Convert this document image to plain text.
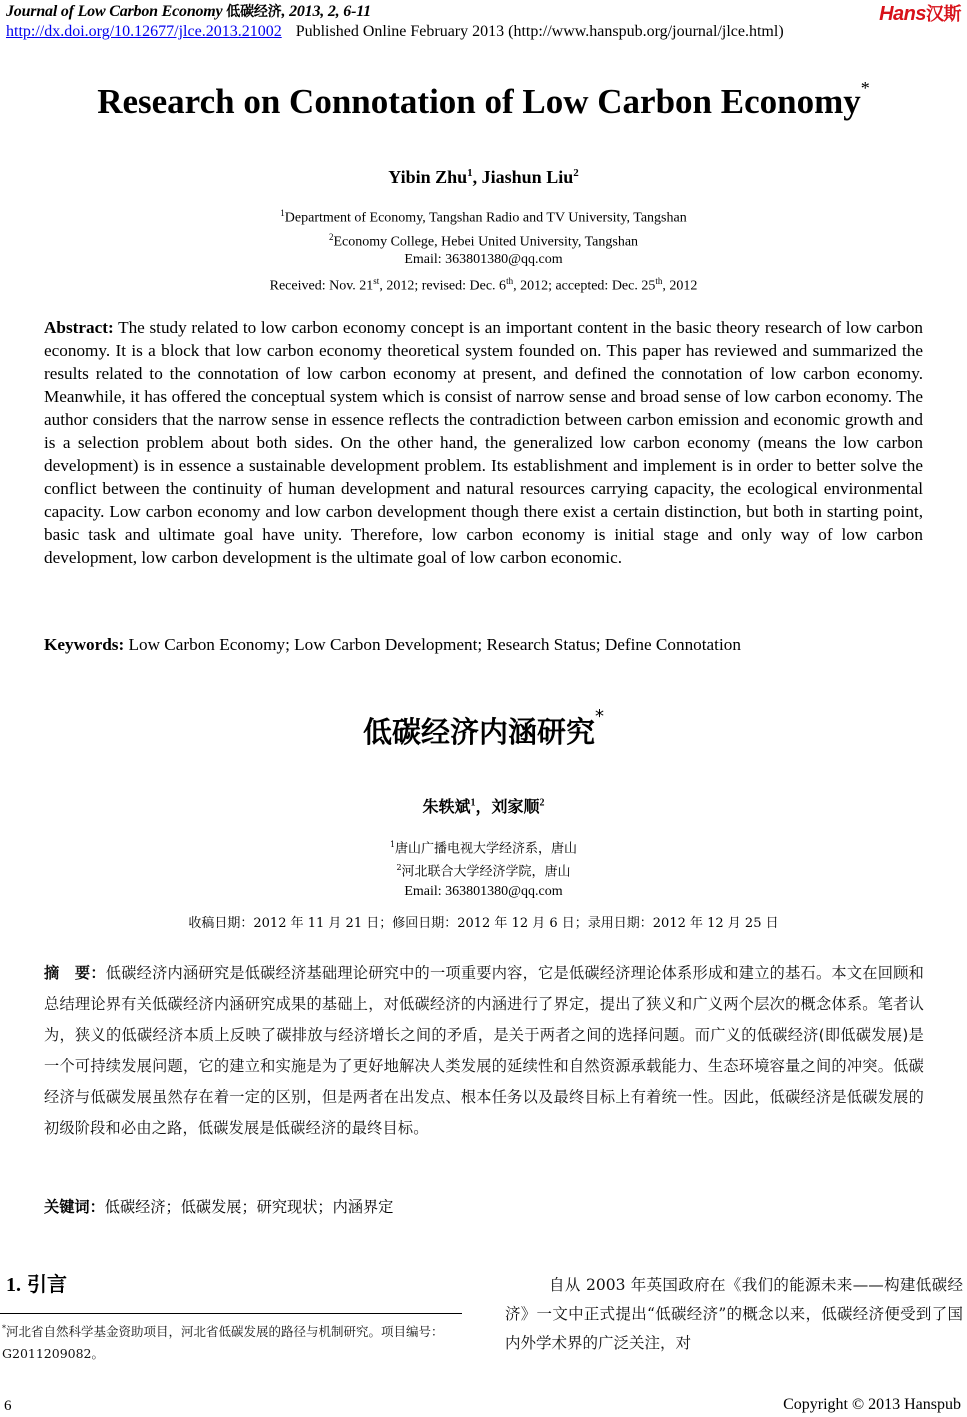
Journal of Low Carbon Economy 低碳经济, 2013, 2, 6-11	Hans汉斯
http://dx.doi.org/10.12677/jlce.2013.21002 Published Online February 2013 (http://www.hanspub.org/journal/jlce.html)
Research on Connotation of Low Carbon Economy*
Yibin Zhu$^1$, Jiashun Liu$^2$
$^1$Department of Economy, Tangshan Radio and TV University, Tangshan
$^2$Economy College, Hebei United University, Tangshan
Email: 363801380@qq.com
Received: Nov. 21st, 2012; revised: Dec. 6th, 2012; accepted: Dec. 25th, 2012
Abstract: The study related to low carbon economy concept is an important content in the basic theory research of low carbon economy. It is a block that low carbon economy theoretical system founded on. This paper has reviewed and summarized the results related to the connotation of low carbon economy at present, and defined the connotation of low carbon economy. Meanwhile, it has offered the conceptual system which is consist of narrow sense and broad sense of low carbon economy. The author considers that the narrow sense in essence reflects the contradiction between carbon emission and economic growth and is a selection problem about both sides. On the other hand, the generalized low carbon economy (means the low carbon development) is in essence a sustainable development problem. Its establishment and implement is in order to better solve the conflict between the continuity of human development and natural resources carrying capacity, the ecological environmental capacity. Low carbon economy and low carbon development though there exist a certain distinction, but both in starting point, basic task and ultimate goal have unity. Therefore, low carbon economy is initial stage and only way of low carbon development, low carbon development is the ultimate goal of low carbon economic.
Keywords: Low Carbon Economy; Low Carbon Development; Research Status; Define Connotation
低碳经济内涵研究*
朱轶斌$^1$，刘家顺$^2$
$^1$唐山广播电视大学经济系，唐山
$^2$河北联合大学经济学院，唐山
Email: 363801380@qq.com
收稿日期：2012 年 11 月 21 日；修回日期：2012 年 12 月 6 日；录用日期：2012 年 12 月 25 日
摘　要：低碳经济内涵研究是低碳经济基础理论研究中的一项重要内容，它是低碳经济理论体系形成和建立的基石。本文在回顾和总结理论界有关低碳经济内涵研究成果的基础上，对低碳经济的内涵进行了界定，提出了狭义和广义两个层次的概念体系。笔者认为，狭义的低碳经济本质上反映了碳排放与经济增长之间的矛盾，是关于两者之间的选择问题。而广义的低碳经济(即低碳发展)是一个可持续发展问题，它的建立和实施是为了更好地解决人类发展的延续性和自然资源承载能力、生态环境容量之间的冲突。低碳经济与低碳发展虽然存在着一定的区别，但是两者在出发点、根本任务以及最终目标上有着统一性。因此，低碳经济是低碳发展的初级阶段和必由之路，低碳发展是低碳经济的最终目标。
关键词：低碳经济；低碳发展；研究现状；内涵界定
1. 引言
*河北省自然科学基金资助项目，河北省低碳发展的路径与机制研究。项目编号：G2011209082。

自从 2003 年英国政府在《我们的能源未来——构建低碳经济》一文中正式提出“低碳经济”的概念以来，低碳经济便受到了国内外学术界的广泛关注，对

6	Copyright © 2013 Hanspub
